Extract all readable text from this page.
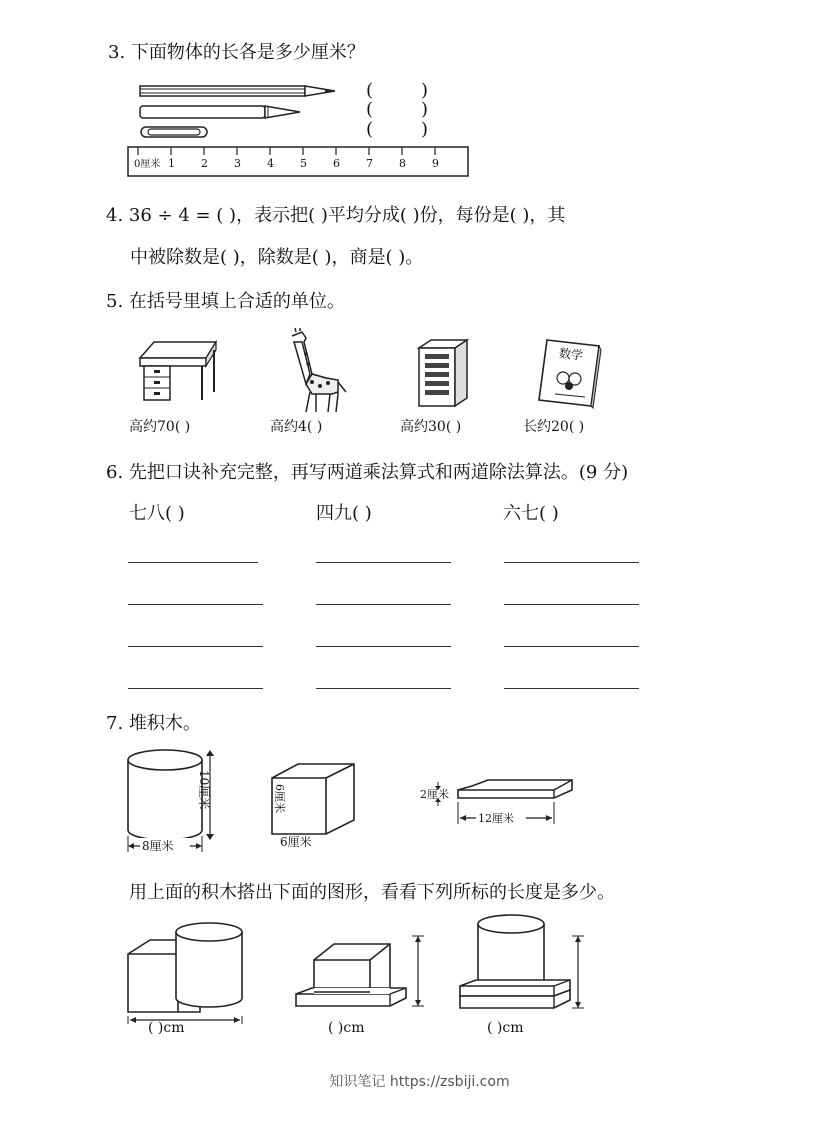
3. 下面物体的长各是多少厘米？
(	)
(	)
(	)
0厘米 1 2 3 4 5 6 7 8 9
4. 36 ÷ 4 = ( )，表示把( )平均分成( )份，每份是( )，其
中被除数是( )，除数是( )，商是( )。
5. 在括号里填上合适的单位。
数学
高约70( )	高约4( )	高约30( )	长约20( )
6. 先把口诀补充完整，再写两道乘法算式和两道除法算法。(9 分)
七八( )	四九( )	六七( )
7. 堆积木。
10厘米
8厘米
6厘米
6厘米
2厘米
12厘米
用上面的积木搭出下面的图形，看看下列所标的长度是多少。
( )cm	( )cm	( )cm
知识笔记 https://zsbiji.com
